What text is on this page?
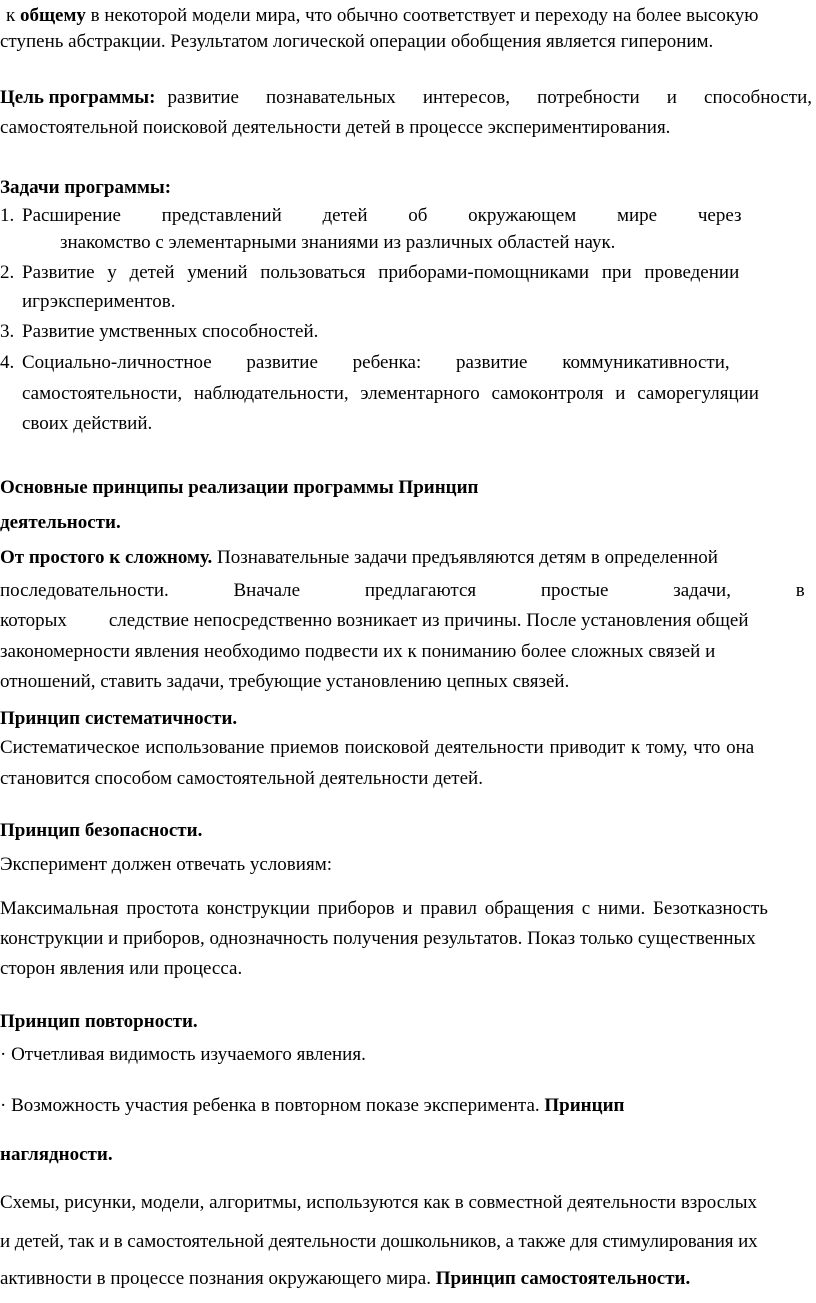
к общему в некоторой модели мира, что обычно соответствует и переходу на более высокую
ступень абстракции. Результатом логической операции обобщения является гипероним.
Цель программы: развитие познавательных интересов, потребности и способности,
самостоятельной поисковой деятельности детей в процессе экспериментирования.
Задачи программы:
1. Расширение представлений детей об окружающем мире через
знакомство с элементарными знаниями из различных областей наук.
2. Развитие у детей умений пользоваться приборами-помощниками при проведении
игрэкспериментов.
3. Развитие умственных способностей.
4. Социально-личностное развитие ребенка: развитие коммуникативности,
самостоятельности, наблюдательности, элементарного самоконтроля и саморегуляции
своих действий.
Основные принципы реализации программы Принцип
деятельности.
От простого к сложному. Познавательные задачи предъявляются детям в определенной
последовательности. Вначале предлагаются простые задачи, в
которых следствие непосредственно возникает из причины. После установления общей
закономерности явления необходимо подвести их к пониманию более сложных связей и
отношений, ставить задачи, требующие установлению цепных связей.
Принцип систематичности.
Систематическое использование приемов поисковой деятельности приводит к тому, что она
становится способом самостоятельной деятельности детей.
Принцип безопасности.
Эксперимент должен отвечать условиям:
Максимальная простота конструкции приборов и правил обращения с ними. Безотказность
конструкции и приборов, однозначность получения результатов. Показ только существенных
сторон явления или процесса.
Принцип повторности.
· Отчетливая видимость изучаемого явления.
· Возможность участия ребенка в повторном показе эксперимента. Принцип
наглядности.
Схемы, рисунки, модели, алгоритмы, используются как в совместной деятельности взрослых
и детей, так и в самостоятельной деятельности дошкольников, а также для стимулирования их
активности в процессе познания окружающего мира. Принцип самостоятельности.
